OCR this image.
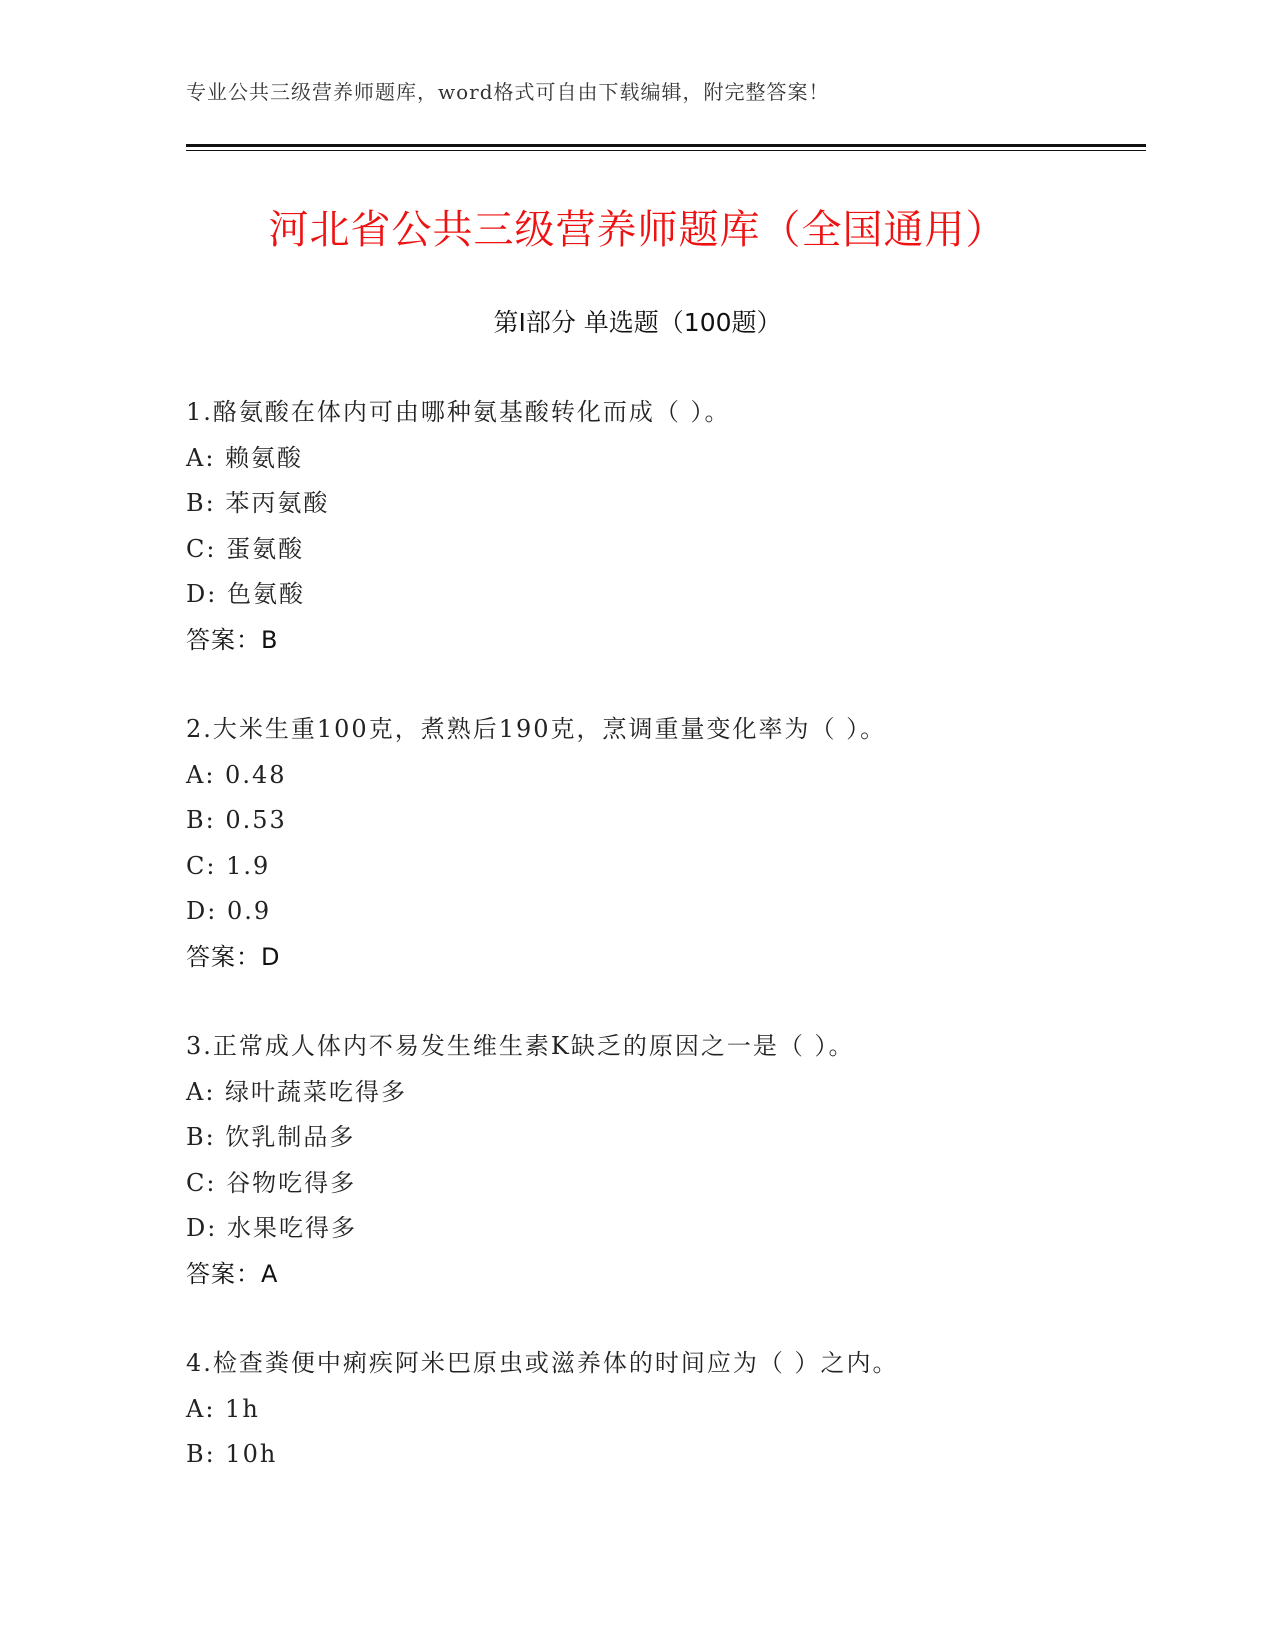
专业公共三级营养师题库，word格式可自由下载编辑，附完整答案！
河北省公共三级营养师题库（全国通用）
第Ⅰ部分 单选题（100题）
1.酪氨酸在体内可由哪种氨基酸转化而成（ ）。
A: 赖氨酸
B: 苯丙氨酸
C: 蛋氨酸
D: 色氨酸
答案：B
2.大米生重100克，煮熟后190克，烹调重量变化率为（ ）。
A: 0.48
B: 0.53
C: 1.9
D: 0.9
答案：D
3.正常成人体内不易发生维生素K缺乏的原因之一是（ ）。
A: 绿叶蔬菜吃得多
B: 饮乳制品多
C: 谷物吃得多
D: 水果吃得多
答案：A
4.检查粪便中痢疾阿米巴原虫或滋养体的时间应为（ ）之内。
A: 1h
B: 10h
